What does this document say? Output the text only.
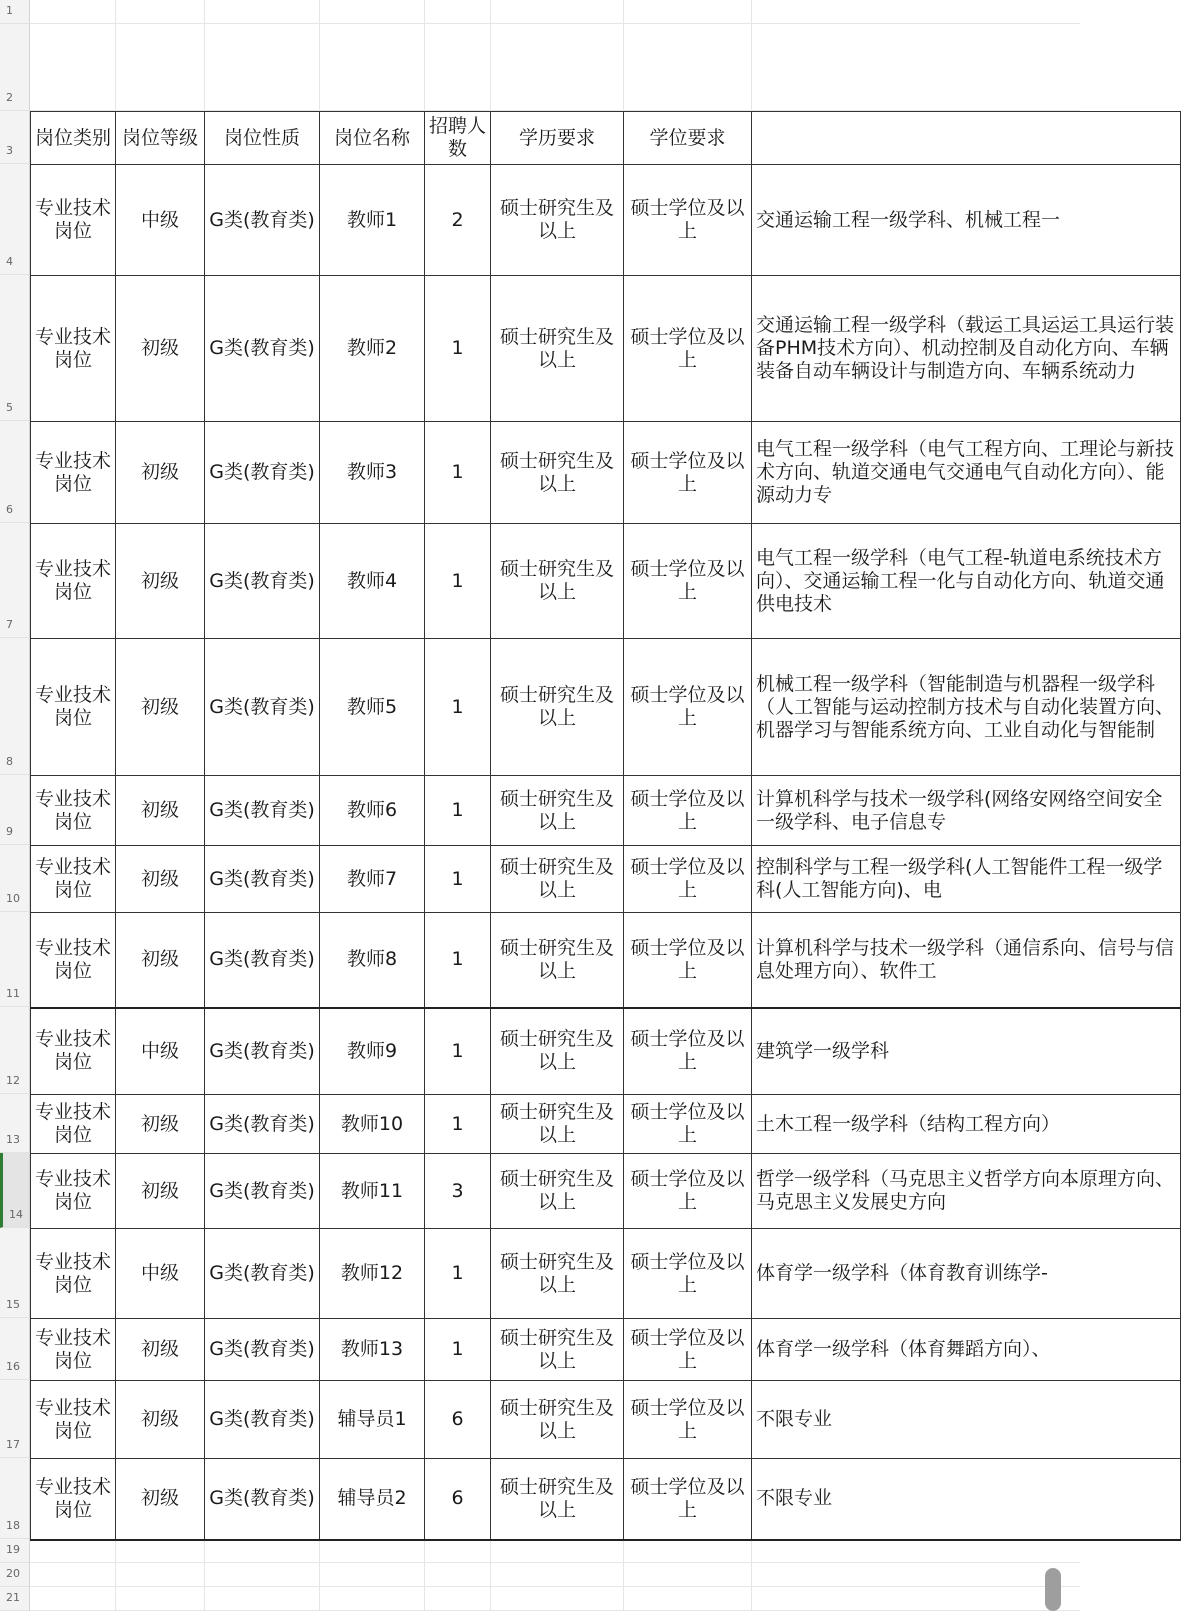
1
2
3
4
5
6
7
8
9
10
11
12
13
14
15
16
17
18
19
20
21
岗位类别	岗位等级	岗位性质	岗位名称	招聘人数	学历要求	学位要求	
专业技术岗位	中级	G类(教育类)	教师1	2	硕士研究生及以上	硕士学位及以上	交通运输工程一级学科、机械工程一
专业技术岗位	初级	G类(教育类)	教师2	1	硕士研究生及以上	硕士学位及以上	交通运输工程一级学科（载运工具运运工具运行装备PHM技术方向）、机动控制及自动化方向、车辆装备自动车辆设计与制造方向、车辆系统动力
专业技术岗位	初级	G类(教育类)	教师3	1	硕士研究生及以上	硕士学位及以上	电气工程一级学科（电气工程方向、工理论与新技术方向、轨道交通电气交通电气自动化方向）、能源动力专
专业技术岗位	初级	G类(教育类)	教师4	1	硕士研究生及以上	硕士学位及以上	电气工程一级学科（电气工程-轨道电系统技术方向）、交通运输工程一化与自动化方向、轨道交通供电技术
专业技术岗位	初级	G类(教育类)	教师5	1	硕士研究生及以上	硕士学位及以上	机械工程一级学科（智能制造与机器程一级学科（人工智能与运动控制方技术与自动化装置方向、机器学习与智能系统方向、工业自动化与智能制
专业技术岗位	初级	G类(教育类)	教师6	1	硕士研究生及以上	硕士学位及以上	计算机科学与技术一级学科(网络安网络空间安全一级学科、电子信息专
专业技术岗位	初级	G类(教育类)	教师7	1	硕士研究生及以上	硕士学位及以上	控制科学与工程一级学科(人工智能件工程一级学科(人工智能方向)、电
专业技术岗位	初级	G类(教育类)	教师8	1	硕士研究生及以上	硕士学位及以上	计算机科学与技术一级学科（通信系向、信号与信息处理方向）、软件工
专业技术岗位	中级	G类(教育类)	教师9	1	硕士研究生及以上	硕士学位及以上	建筑学一级学科
专业技术岗位	初级	G类(教育类)	教师10	1	硕士研究生及以上	硕士学位及以上	土木工程一级学科（结构工程方向）
专业技术岗位	初级	G类(教育类)	教师11	3	硕士研究生及以上	硕士学位及以上	哲学一级学科（马克思主义哲学方向本原理方向、马克思主义发展史方向
专业技术岗位	中级	G类(教育类)	教师12	1	硕士研究生及以上	硕士学位及以上	体育学一级学科（体育教育训练学-
专业技术岗位	初级	G类(教育类)	教师13	1	硕士研究生及以上	硕士学位及以上	体育学一级学科（体育舞蹈方向）、
专业技术岗位	初级	G类(教育类)	辅导员1	6	硕士研究生及以上	硕士学位及以上	不限专业
专业技术岗位	初级	G类(教育类)	辅导员2	6	硕士研究生及以上	硕士学位及以上	不限专业
